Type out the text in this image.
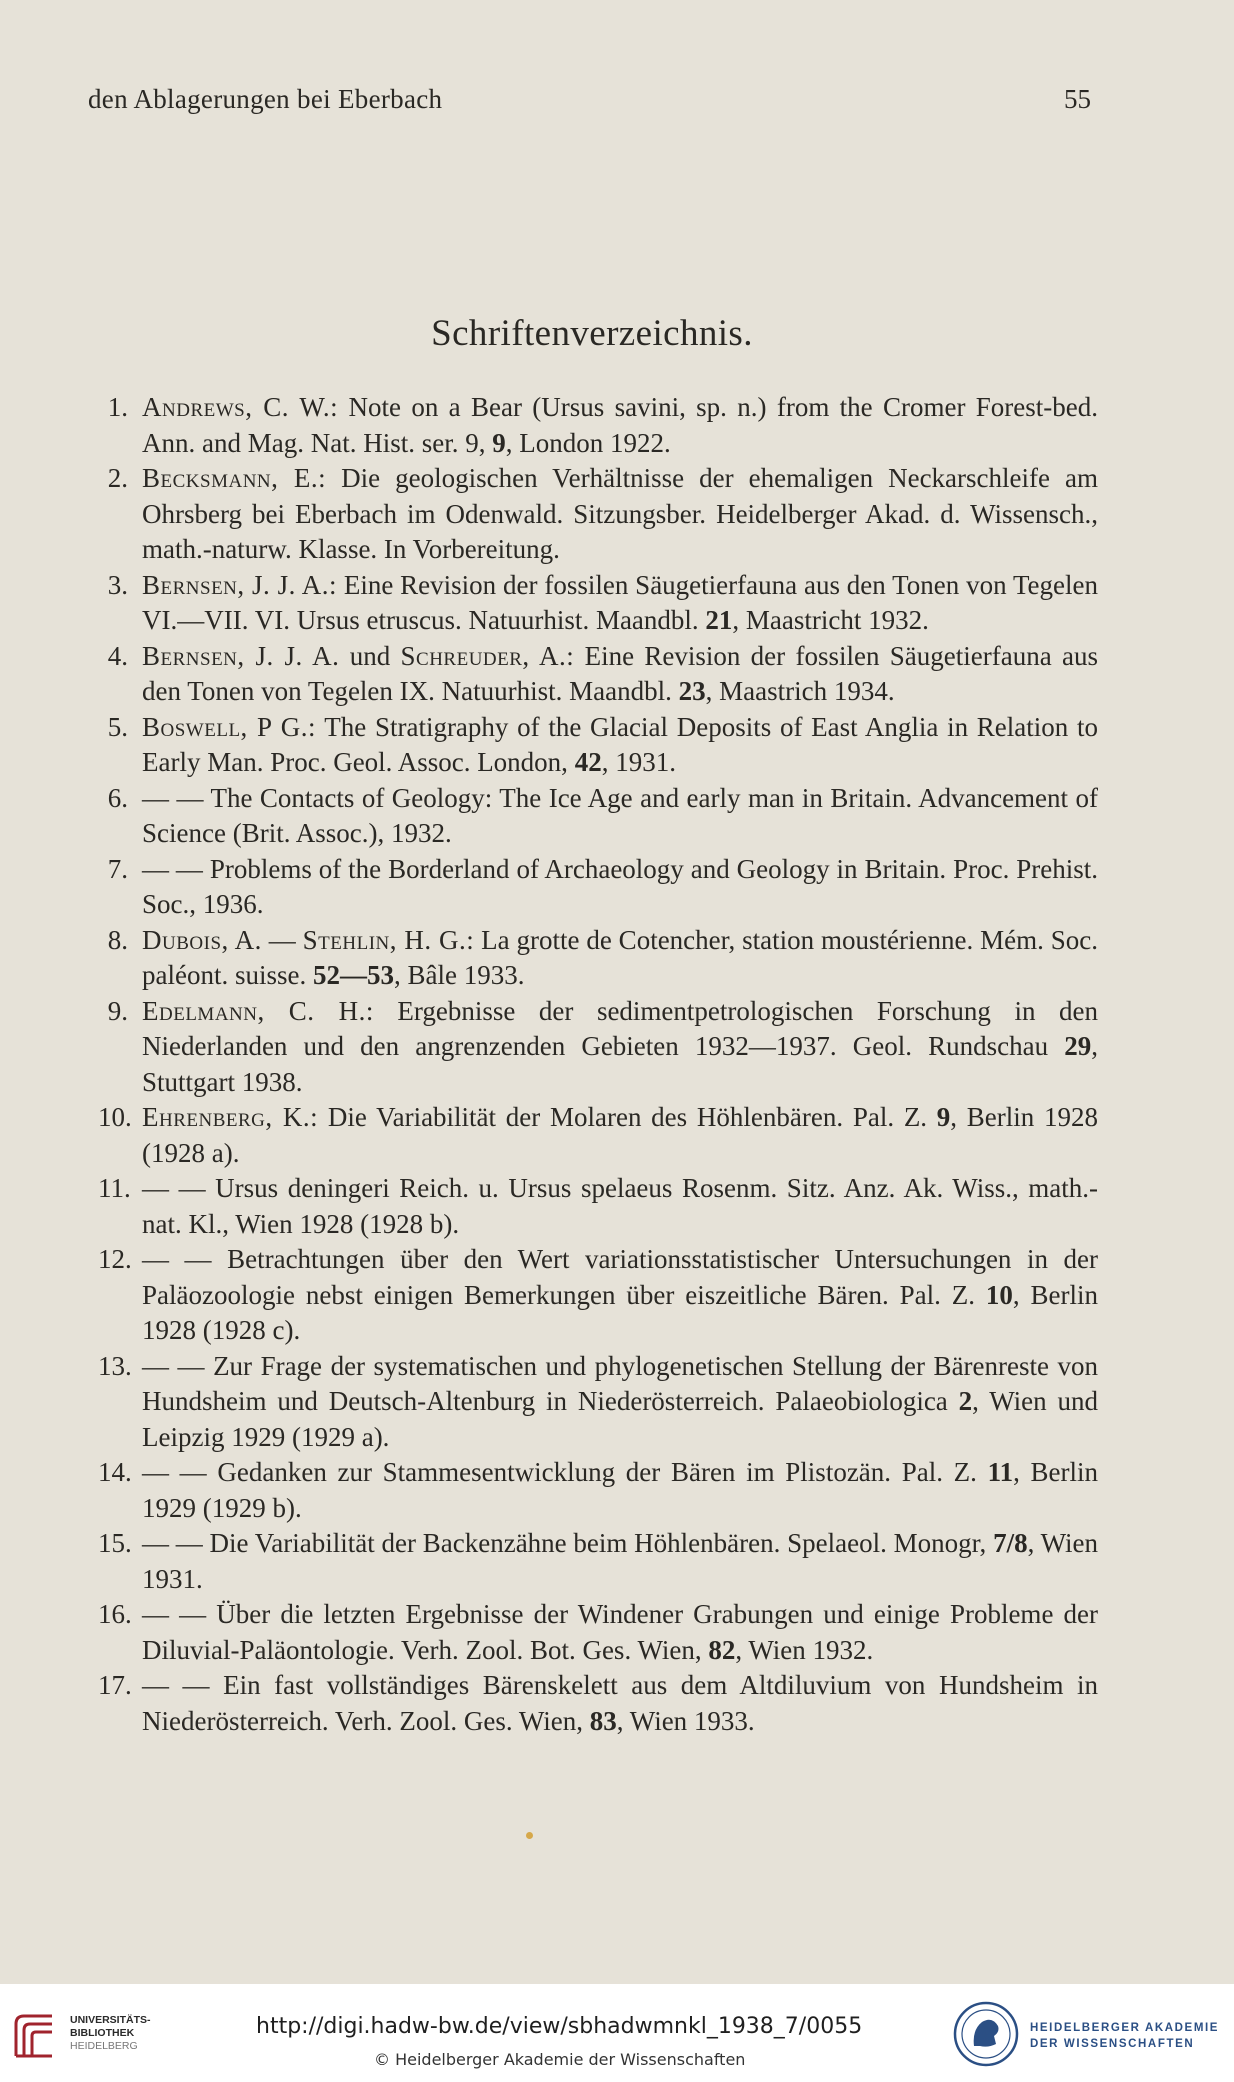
den Ablagerungen bei Eberbach	55
Schriftenverzeichnis.
1. Andrews, C. W.: Note on a Bear (Ursus savini, sp. n.) from the Cromer Forest-bed. Ann. and Mag. Nat. Hist. ser. 9, 9, London 1922.
2. Becksmann, E.: Die geologischen Verhältnisse der ehemaligen Neckarschleife am Ohrsberg bei Eberbach im Odenwald. Sitzungsber. Heidelberger Akad. d. Wissensch., math.-naturw. Klasse. In Vorbereitung.
3. Bernsen, J. J. A.: Eine Revision der fossilen Säugetierfauna aus den Tonen von Tegelen VI.—VII. VI. Ursus etruscus. Natuurhist. Maandbl. 21, Maastricht 1932.
4. Bernsen, J. J. A. und Schreuder, A.: Eine Revision der fossilen Säugetierfauna aus den Tonen von Tegelen IX. Natuurhist. Maandbl. 23, Maastrich 1934.
5. Boswell, P G.: The Stratigraphy of the Glacial Deposits of East Anglia in Relation to Early Man. Proc. Geol. Assoc. London, 42, 1931.
6. — — The Contacts of Geology: The Ice Age and early man in Britain. Advancement of Science (Brit. Assoc.), 1932.
7. — — Problems of the Borderland of Archaeology and Geology in Britain. Proc. Prehist. Soc., 1936.
8. Dubois, A. — Stehlin, H. G.: La grotte de Cotencher, station moustérienne. Mém. Soc. paléont. suisse. 52—53, Bâle 1933.
9. Edelmann, C. H.: Ergebnisse der sedimentpetrologischen Forschung in den Niederlanden und den angrenzenden Gebieten 1932—1937. Geol. Rundschau 29, Stuttgart 1938.
10. Ehrenberg, K.: Die Variabilität der Molaren des Höhlenbären. Pal. Z. 9, Berlin 1928 (1928 a).
11. — — Ursus deningeri Reich. u. Ursus spelaeus Rosenm. Sitz. Anz. Ak. Wiss., math.-nat. Kl., Wien 1928 (1928 b).
12. — — Betrachtungen über den Wert variationsstatistischer Untersuchungen in der Paläozoologie nebst einigen Bemerkungen über eiszeitliche Bären. Pal. Z. 10, Berlin 1928 (1928 c).
13. — — Zur Frage der systematischen und phylogenetischen Stellung der Bärenreste von Hundsheim und Deutsch-Altenburg in Niederösterreich. Palaeobiologica 2, Wien und Leipzig 1929 (1929 a).
14. — — Gedanken zur Stammesentwicklung der Bären im Plistozän. Pal. Z. 11, Berlin 1929 (1929 b).
15. — — Die Variabilität der Backenzähne beim Höhlenbären. Spelaeol. Monogr, 7/8, Wien 1931.
16. — — Über die letzten Ergebnisse der Windener Grabungen und einige Probleme der Diluvial-Paläontologie. Verh. Zool. Bot. Ges. Wien, 82, Wien 1932.
17. — — Ein fast vollständiges Bärenskelett aus dem Altdiluvium von Hundsheim in Niederösterreich. Verh. Zool. Ges. Wien, 83, Wien 1933.
UNIVERSITÄTS-
BIBLIOTHEK
HEIDELBERG
http://digi.hadw-bw.de/view/sbhadwmnkl_1938_7/0055
© Heidelberger Akademie der Wissenschaften
HEIDELBERGER AKADEMIE
DER WISSENSCHAFTEN
